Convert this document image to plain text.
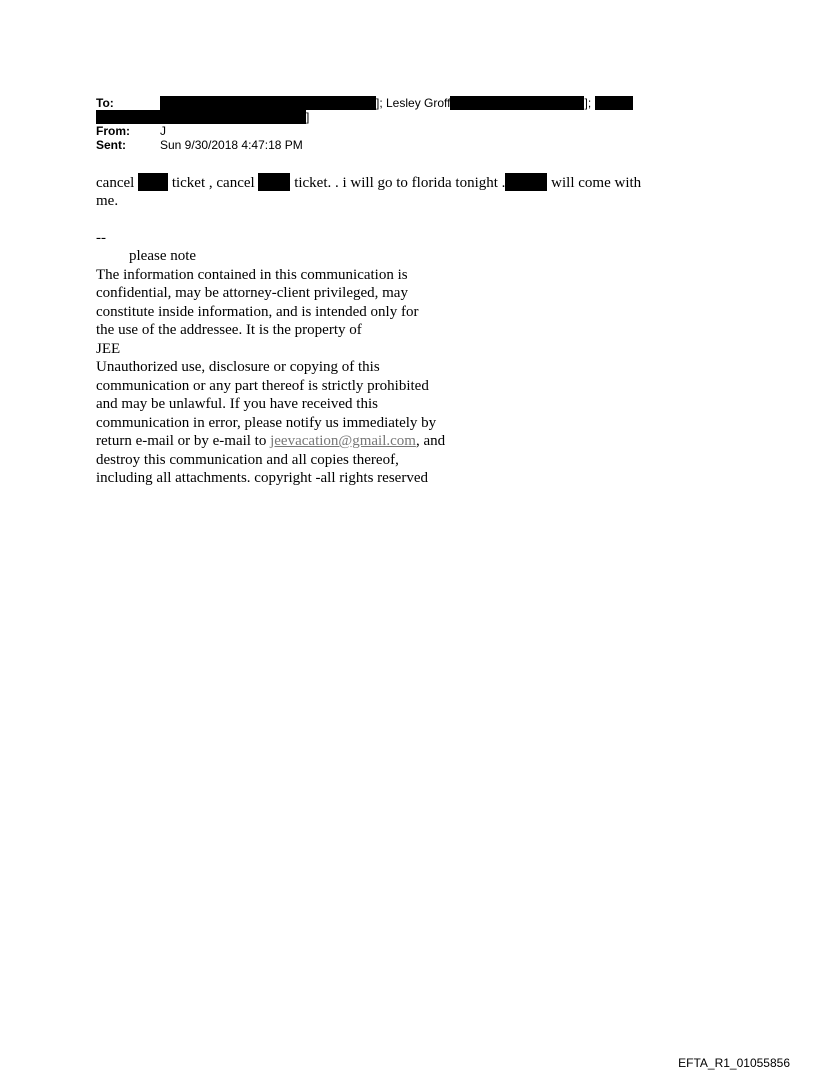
To:	]; Lesley Groff	];
]
From:	J
Sent:	Sun 9/30/2018 4:47:18 PM
cancel	ticket , cancel	ticket. . i will go to florida tonight .	will come with
me.
--
please note
The information contained in this communication is
confidential, may be attorney-client privileged, may
constitute inside information, and is intended only for
the use of the addressee. It is the property of
JEE
Unauthorized use, disclosure or copying of this
communication or any part thereof is strictly prohibited
and may be unlawful. If you have received this
communication in error, please notify us immediately by
return e-mail or by e-mail to jeevacation@gmail.com, and
destroy this communication and all copies thereof,
including all attachments. copyright -all rights reserved
EFTA_R1_01055856
